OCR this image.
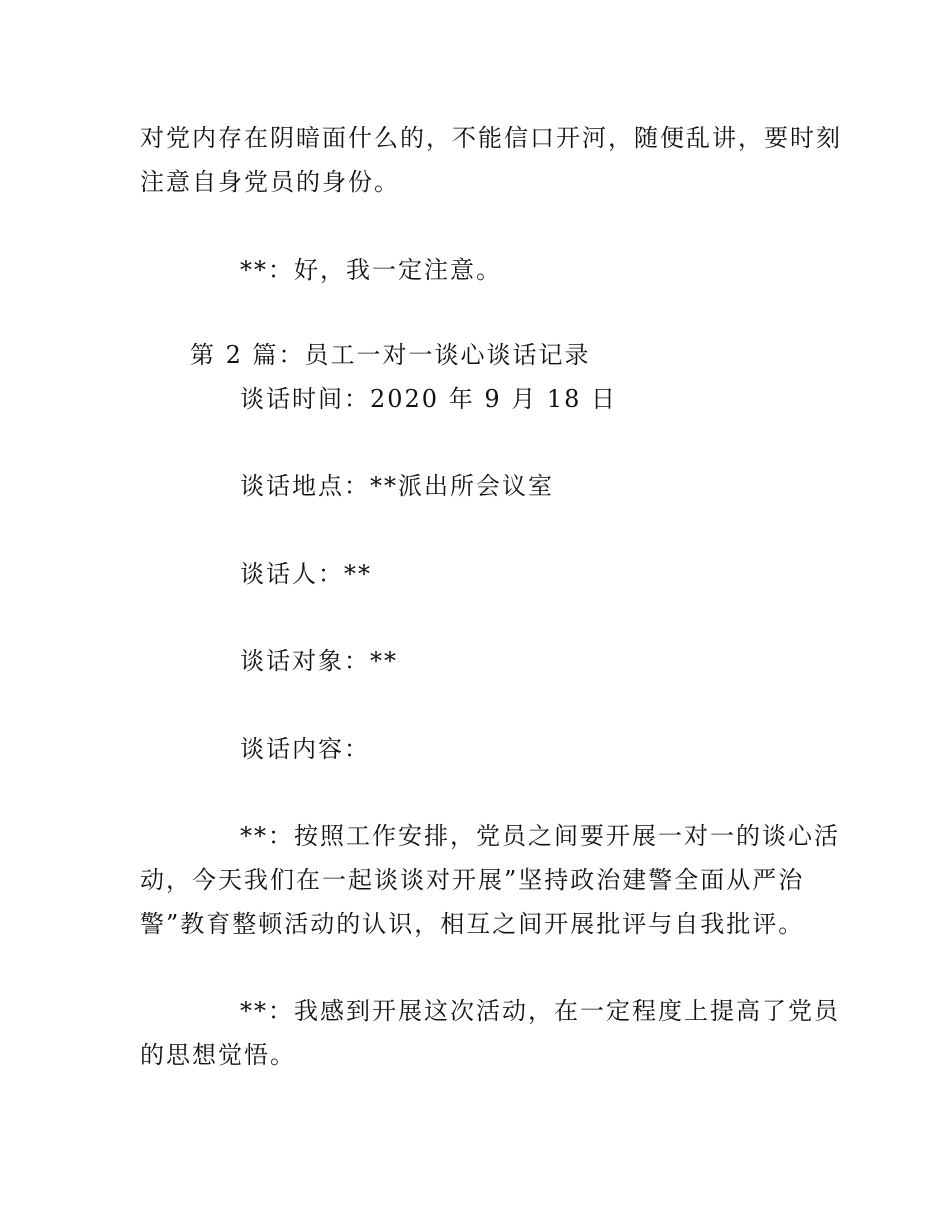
对党内存在阴暗面什么的，不能信口开河，随便乱讲，要时刻
注意自身党员的身份。
**：好，我一定注意。
第 2 篇：员工一对一谈心谈话记录
谈话时间：2020 年 9 月 18 日
谈话地点：**派出所会议室
谈话人：**
谈话对象：**
谈话内容：
**：按照工作安排，党员之间要开展一对一的谈心活
动，今天我们在一起谈谈对开展”坚持政治建警全面从严治
警”教育整顿活动的认识，相互之间开展批评与自我批评。
**：我感到开展这次活动，在一定程度上提高了党员
的思想觉悟。
